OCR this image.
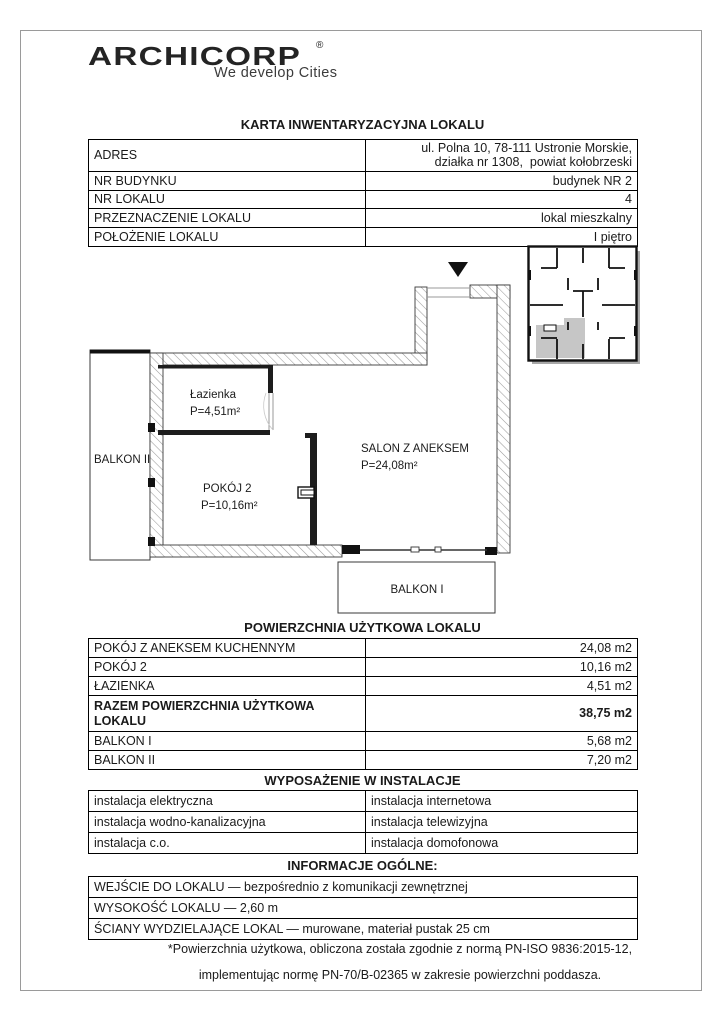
ARCHICORP ®
We develop Cities
KARTA INWENTARYZACYJNA LOKALU
ADRES	ul. Polna 10, 78-111 Ustronie Morskie,
działka nr 1308,  powiat kołobrzeski

NR BUDYNKU	budynek NR 2
NR LOKALU	4
PRZEZNACZENIE LOKALU	lokal mieszkalny
POŁOŻENIE LOKALU	I piętro
Łazienka
P=4,51m²
POKÓJ 2
P=10,16m²
SALON Z ANEKSEM
P=24,08m²
BALKON II
BALKON I
POWIERZCHNIA UŻYTKOWA LOKALU
POKÓJ Z ANEKSEM KUCHENNYM	24,08 m2
POKÓJ 2	10,16 m2
ŁAZIENKA	4,51 m2
RAZEM POWIERZCHNIA UŻYTKOWA LOKALU	38,75 m2
BALKON I	5,68 m2
BALKON II	7,20 m2
WYPOSAŻENIE W INSTALACJE
instalacja elektryczna	instalacja internetowa
instalacja wodno-kanalizacyjna	instalacja telewizyjna
instalacja c.o.	instalacja domofonowa
INFORMACJE OGÓLNE:
WEJŚCIE DO LOKALU — bezpośrednio z komunikacji zewnętrznej
WYSOKOŚĆ LOKALU — 2,60 m
ŚCIANY WYDZIELAJĄCE LOKAL — murowane, materiał pustak 25 cm
*Powierzchnia użytkowa, obliczona została zgodnie z normą PN-ISO 9836:2015-12,
implementując normę PN-70/B-02365 w zakresie powierzchni poddasza.
